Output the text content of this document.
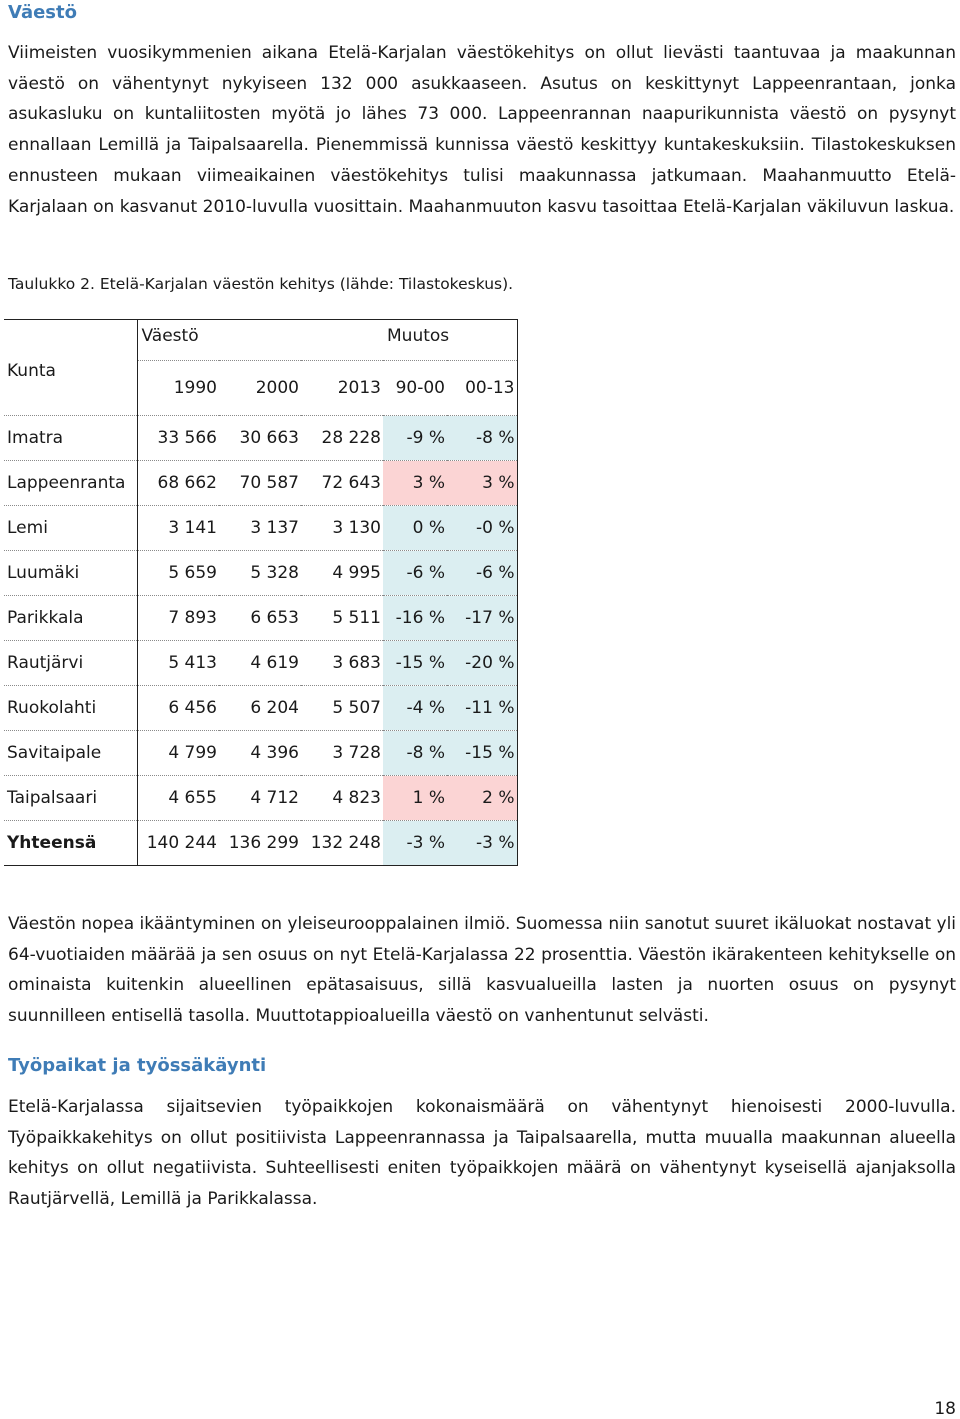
Väestö

Viimeisten vuosikymmenien aikana Etelä-Karjalan väestökehitys on ollut lievästi taantuvaa ja maakunnan väestö on vähentynyt nykyiseen 132 000 asukkaaseen. Asutus on keskittynyt Lappeenrantaan, jonka asukasluku on kuntaliitosten myötä jo lähes 73 000. Lappeenrannan naapurikunnista väestö on pysynyt ennallaan Lemillä ja Taipalsaarella. Pienemmissä kunnissa väestö keskittyy kuntakeskuksiin. Tilastokeskuksen ennusteen mukaan viimeaikainen väestökehitys tulisi maakunnassa jatkumaan. Maahanmuutto Etelä-Karjalaan on kasvanut 2010-luvulla vuosittain. Maahanmuuton kasvu tasoittaa Etelä-Karjalan väkiluvun laskua.

Taulukko 2. Etelä-Karjalan väestön kehitys (lähde: Tilastokeskus).

Kunta	Väestö			Muutos	
	1990	2000	2013	90-00	00-13
Imatra	33 566	30 663	28 228	-9 %	-8 %
Lappeenranta	68 662	70 587	72 643	3 %	3 %
Lemi	3 141	3 137	3 130	0 %	-0 %
Luumäki	5 659	5 328	4 995	-6 %	-6 %
Parikkala	7 893	6 653	5 511	-16 %	-17 %
Rautjärvi	5 413	4 619	3 683	-15 %	-20 %
Ruokolahti	6 456	6 204	5 507	-4 %	-11 %
Savitaipale	4 799	4 396	3 728	-8 %	-15 %
Taipalsaari	4 655	4 712	4 823	1 %	2 %
Yhteensä	140 244	136 299	132 248	-3 %	-3 %

Väestön nopea ikääntyminen on yleiseurooppalainen ilmiö. Suomessa niin sanotut suuret ikäluokat nostavat yli 64-vuotiaiden määrää ja sen osuus on nyt Etelä-Karjalassa 22 prosenttia. Väestön ikärakenteen kehitykselle on ominaista kuitenkin alueellinen epätasaisuus, sillä kasvualueilla lasten ja nuorten osuus on pysynyt suunnilleen entisellä tasolla. Muuttotappioalueilla väestö on vanhentunut selvästi.

Työpaikat ja työssäkäynti

Etelä-Karjalassa sijaitsevien työpaikkojen kokonaismäärä on vähentynyt hienoisesti 2000-luvulla. Työpaikkakehitys on ollut positiivista Lappeenrannassa ja Taipalsaarella, mutta muualla maakunnan alueella kehitys on ollut negatiivista. Suhteellisesti eniten työpaikkojen määrä on vähentynyt kyseisellä ajanjaksolla Rautjärvellä, Lemillä ja Parikkalassa.

18
